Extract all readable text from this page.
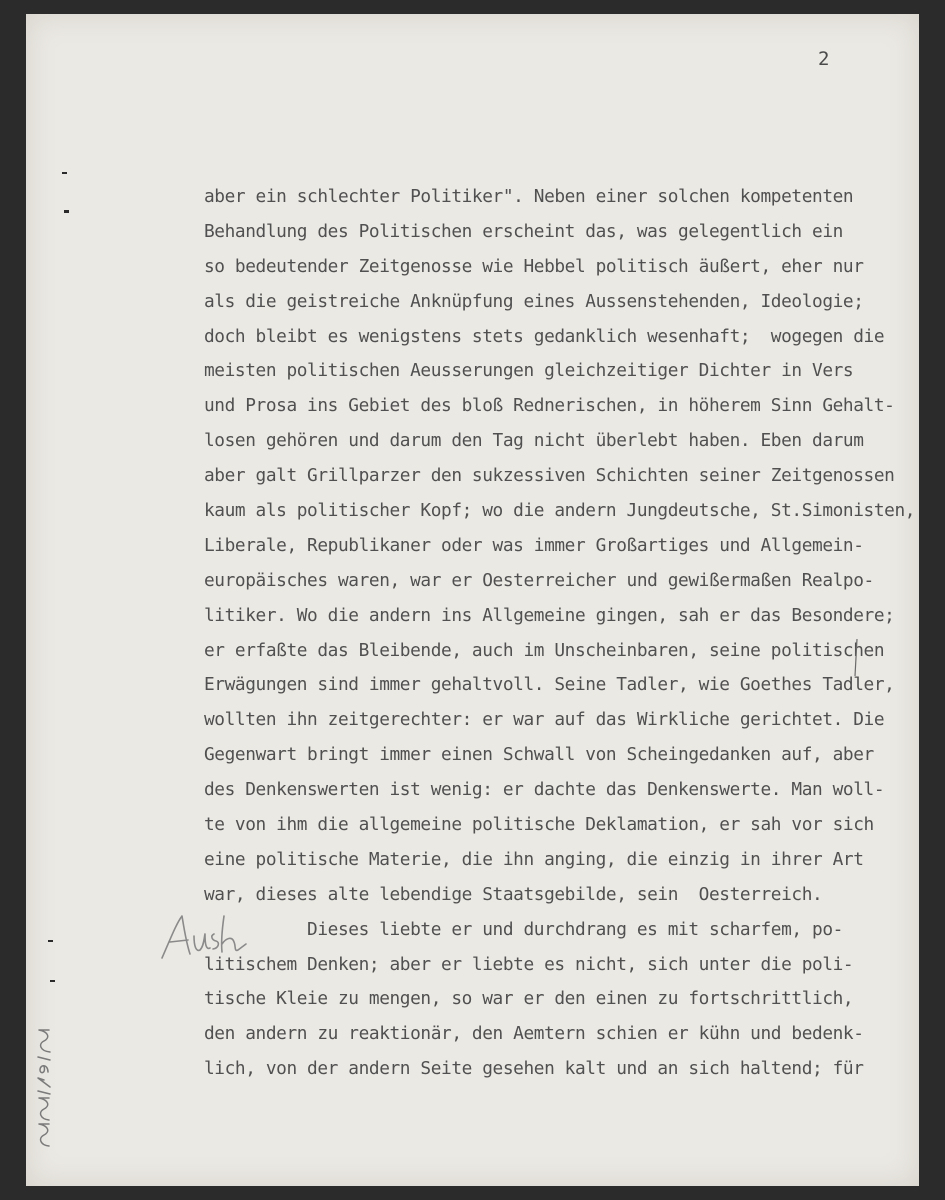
2
aber ein schlechter Politiker". Neben einer solchen kompetenten
Behandlung des Politischen erscheint das, was gelegentlich ein
so bedeutender Zeitgenosse wie Hebbel politisch äußert, eher nur
als die geistreiche Anknüpfung eines Aussenstehenden, Ideologie;
doch bleibt es wenigstens stets gedanklich wesenhaft;  wogegen die
meisten politischen Aeusserungen gleichzeitiger Dichter in Vers
und Prosa ins Gebiet des bloß Rednerischen, in höherem Sinn Gehalt-
losen gehören und darum den Tag nicht überlebt haben. Eben darum
aber galt Grillparzer den sukzessiven Schichten seiner Zeitgenossen
kaum als politischer Kopf; wo die andern Jungdeutsche, St.Simonisten,
Liberale, Republikaner oder was immer Großartiges und Allgemein-
europäisches waren, war er Oesterreicher und gewißermaßen Realpo-
litiker. Wo die andern ins Allgemeine gingen, sah er das Besondere;
er erfaßte das Bleibende, auch im Unscheinbaren, seine politischen
Erwägungen sind immer gehaltvoll. Seine Tadler, wie Goethes Tadler,
wollten ihn zeitgerechter: er war auf das Wirkliche gerichtet. Die
Gegenwart bringt immer einen Schwall von Scheingedanken auf, aber
des Denkenswerten ist wenig: er dachte das Denkenswerte. Man woll-
te von ihm die allgemeine politische Deklamation, er sah vor sich
eine politische Materie, die ihn anging, die einzig in ihrer Art
war, dieses alte lebendige Staatsgebilde, sein  Oesterreich.
Dieses liebte er und durchdrang es mit scharfem, po-
litischem Denken; aber er liebte es nicht, sich unter die poli-
tische Kleie zu mengen, so war er den einen zu fortschrittlich,
den andern zu reaktionär, den Aemtern schien er kühn und bedenk-
lich, von der andern Seite gesehen kalt und an sich haltend; für
